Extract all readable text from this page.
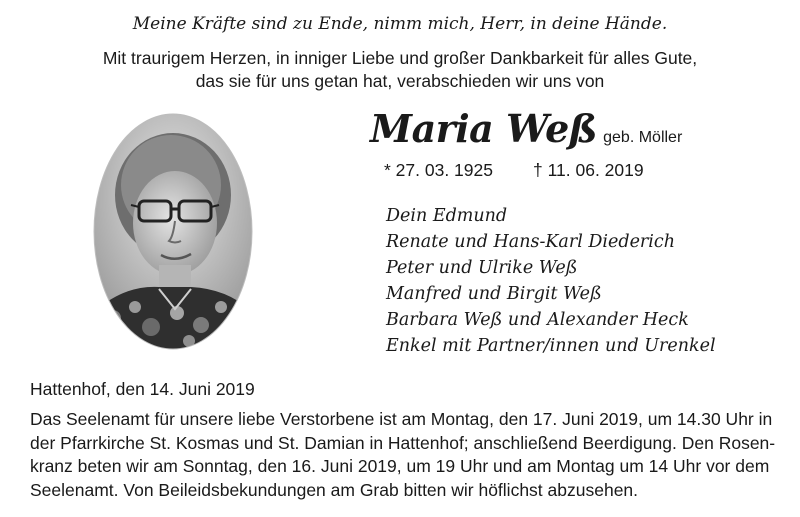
Meine Kräfte sind zu Ende, nimm mich, Herr, in deine Hände.
Mit traurigem Herzen, in inniger Liebe und großer Dankbarkeit für alles Gute,
das sie für uns getan hat, verabschieden wir uns von
Maria Weß geb. Möller
* 27. 03. 1925 † 11. 06. 2019
Dein Edmund
Renate und Hans-Karl Diederich
Peter und Ulrike Weß
Manfred und Birgit Weß
Barbara Weß und Alexander Heck
Enkel mit Partner/innen und Urenkel
Hattenhof, den 14. Juni 2019
Das Seelenamt für unsere liebe Verstorbene ist am Montag, den 17. Juni 2019, um 14.30 Uhr in
der Pfarrkirche St. Kosmas und St. Damian in Hattenhof; anschließend Beerdigung. Den Rosen-
kranz beten wir am Sonntag, den 16. Juni 2019, um 19 Uhr und am Montag um 14 Uhr vor dem
Seelenamt. Von Beileidsbekundungen am Grab bitten wir höflichst abzusehen.
